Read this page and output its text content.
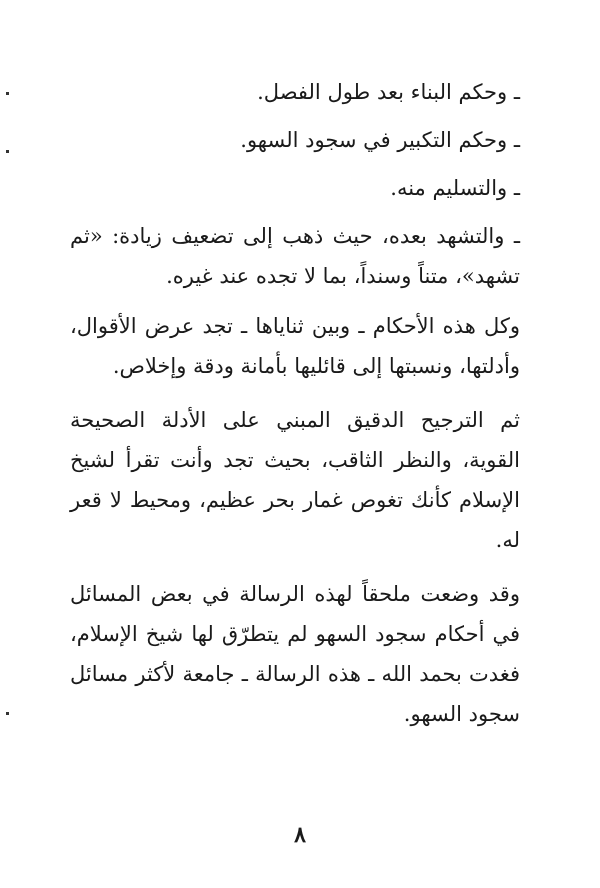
ـ وحكم البناء بعد طول الفصل.

ـ وحكم التكبير في سجود السهو.

ـ والتسليم منه.

ـ والتشهد بعده، حيث ذهب إلى تضعيف زيادة: «ثم تشهد»، متناً وسنداً، بما لا تجده عند غيره.

وكل هذه الأحكام ـ وبين ثناياها ـ تجد عرض الأقوال، وأدلتها، ونسبتها إلى قائليها بأمانة ودقة وإخلاص.

ثم الترجيح الدقيق المبني على الأدلة الصحيحة القوية، والنظر الثاقب، بحيث تجد وأنت تقرأ لشيخ الإسلام كأنك تغوص غمار بحر عظيم، ومحيط لا قعر له.

وقد وضعت ملحقاً لهذه الرسالة في بعض المسائل في أحكام سجود السهو لم يتطرّق لها شيخ الإسلام، فغدت بحمد الله ـ هذه الرسالة ـ جامعة لأكثر مسائل سجود السهو.

٨
